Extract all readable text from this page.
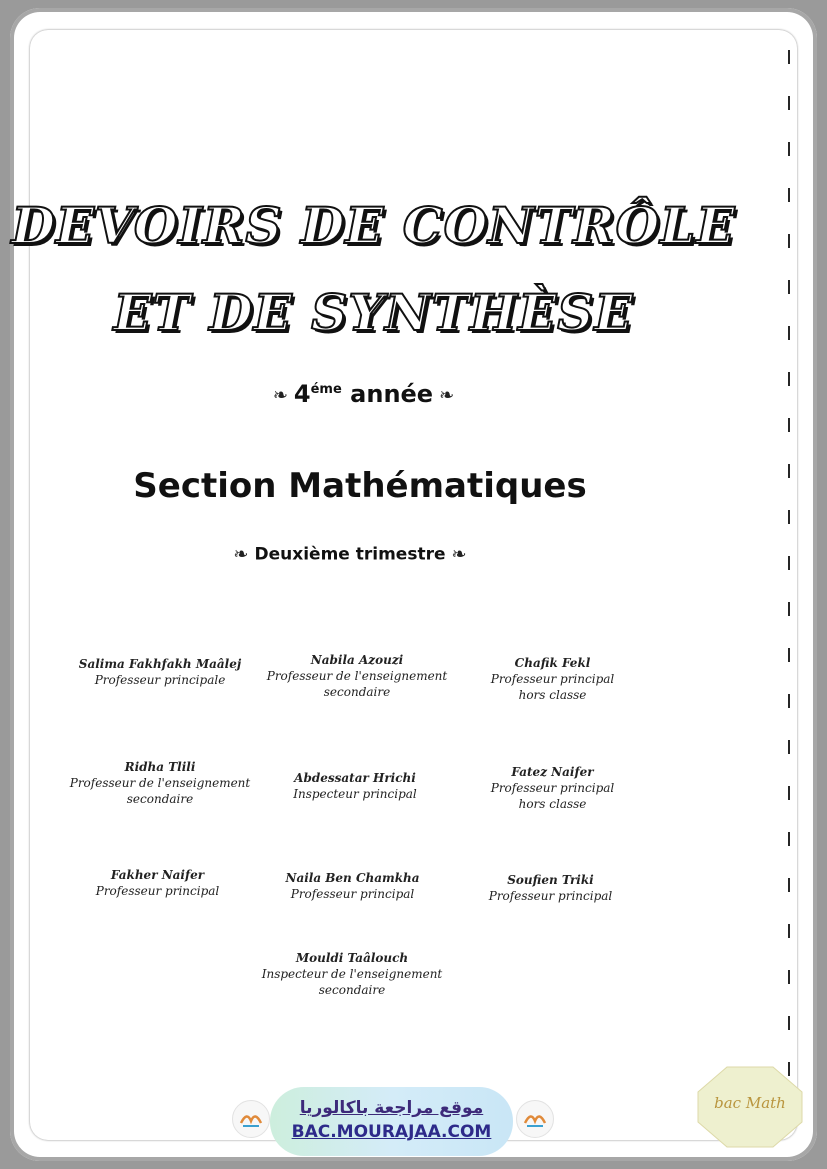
DEVOIRS DE CONTRÔLE
ET DE SYNTHÈSE
❧ $4^{éme}$ année ❧
Section Mathématiques
❧ Deuxième trimestre ❧
Salima Fakhfakh Maâlej
Professeur principale
Nabila Azouzi
Professeur de l'enseignement
secondaire
Chafik Fekl
Professeur principal
hors classe
Ridha Tlili
Professeur de l'enseignement
secondaire
Abdessatar Hrichi
Inspecteur principal
Fatez Naifer
Professeur principal
hors classe
Fakher Naifer
Professeur principal
Naila Ben Chamkha
Professeur principal
Soufien Triki
Professeur principal
Mouldi Taâlouch
Inspecteur de l'enseignement
secondaire
موقع مراجعة باكالوريا
BAC.MOURAJAA.COM
bac Math
